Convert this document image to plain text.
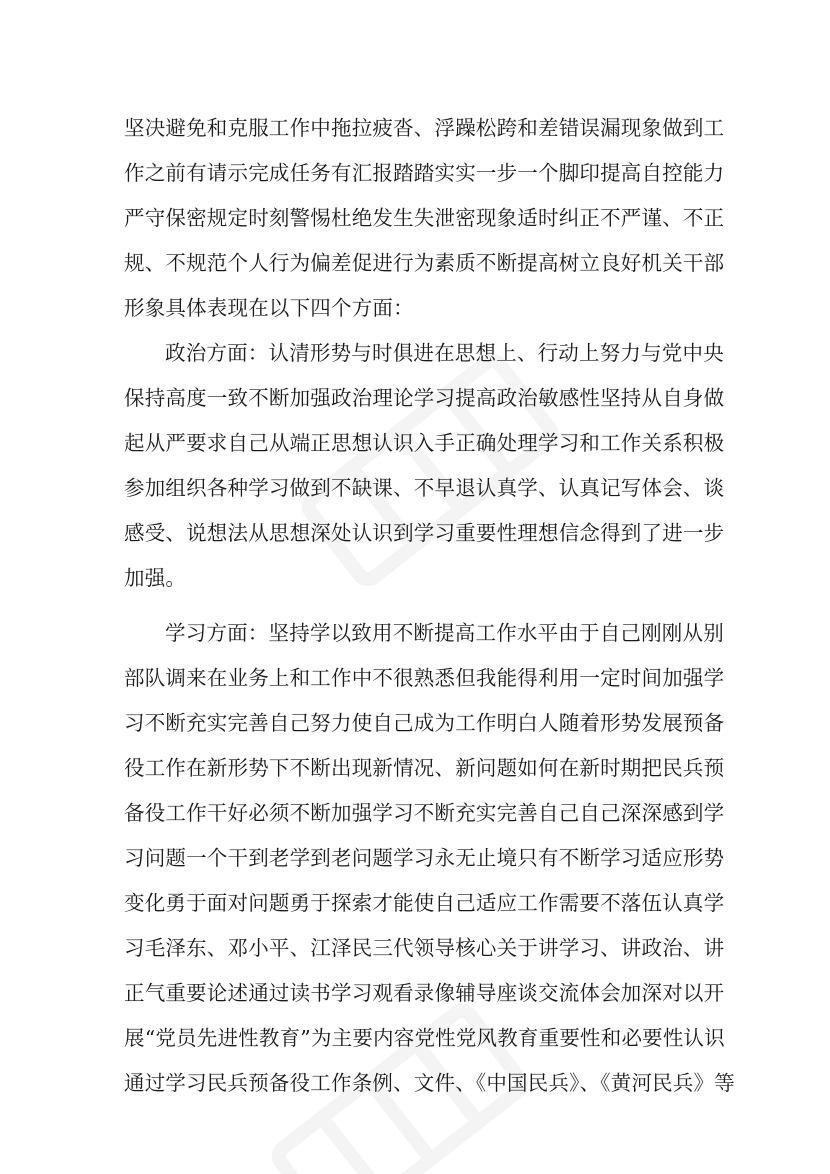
坚决避免和克服工作中拖拉疲沓、浮躁松跨和差错误漏现象做到工
作之前有请示完成任务有汇报踏踏实实一步一个脚印提高自控能力
严守保密规定时刻警惕杜绝发生失泄密现象适时纠正不严谨、不正
规、不规范个人行为偏差促进行为素质不断提高树立良好机关干部
形象具体表现在以下四个方面：
政治方面：认清形势与时俱进在思想上、行动上努力与党中央
保持高度一致不断加强政治理论学习提高政治敏感性坚持从自身做
起从严要求自己从端正思想认识入手正确处理学习和工作关系积极
参加组织各种学习做到不缺课、不早退认真学、认真记写体会、谈
感受、说想法从思想深处认识到学习重要性理想信念得到了进一步
加强。
学习方面：坚持学以致用不断提高工作水平由于自己刚刚从别
部队调来在业务上和工作中不很熟悉但我能得利用一定时间加强学
习不断充实完善自己努力使自己成为工作明白人随着形势发展预备
役工作在新形势下不断出现新情况、新问题如何在新时期把民兵预
备役工作干好必须不断加强学习不断充实完善自己自己深深感到学
习问题一个干到老学到老问题学习永无止境只有不断学习适应形势
变化勇于面对问题勇于探索才能使自己适应工作需要不落伍认真学
习毛泽东、邓小平、江泽民三代领导核心关于讲学习、讲政治、讲
正气重要论述通过读书学习观看录像辅导座谈交流体会加深对以开
展“党员先进性教育”为主要内容党性党风教育重要性和必要性认识
通过学习民兵预备役工作条例、文件、《中国民兵》、《黄河民兵》等
